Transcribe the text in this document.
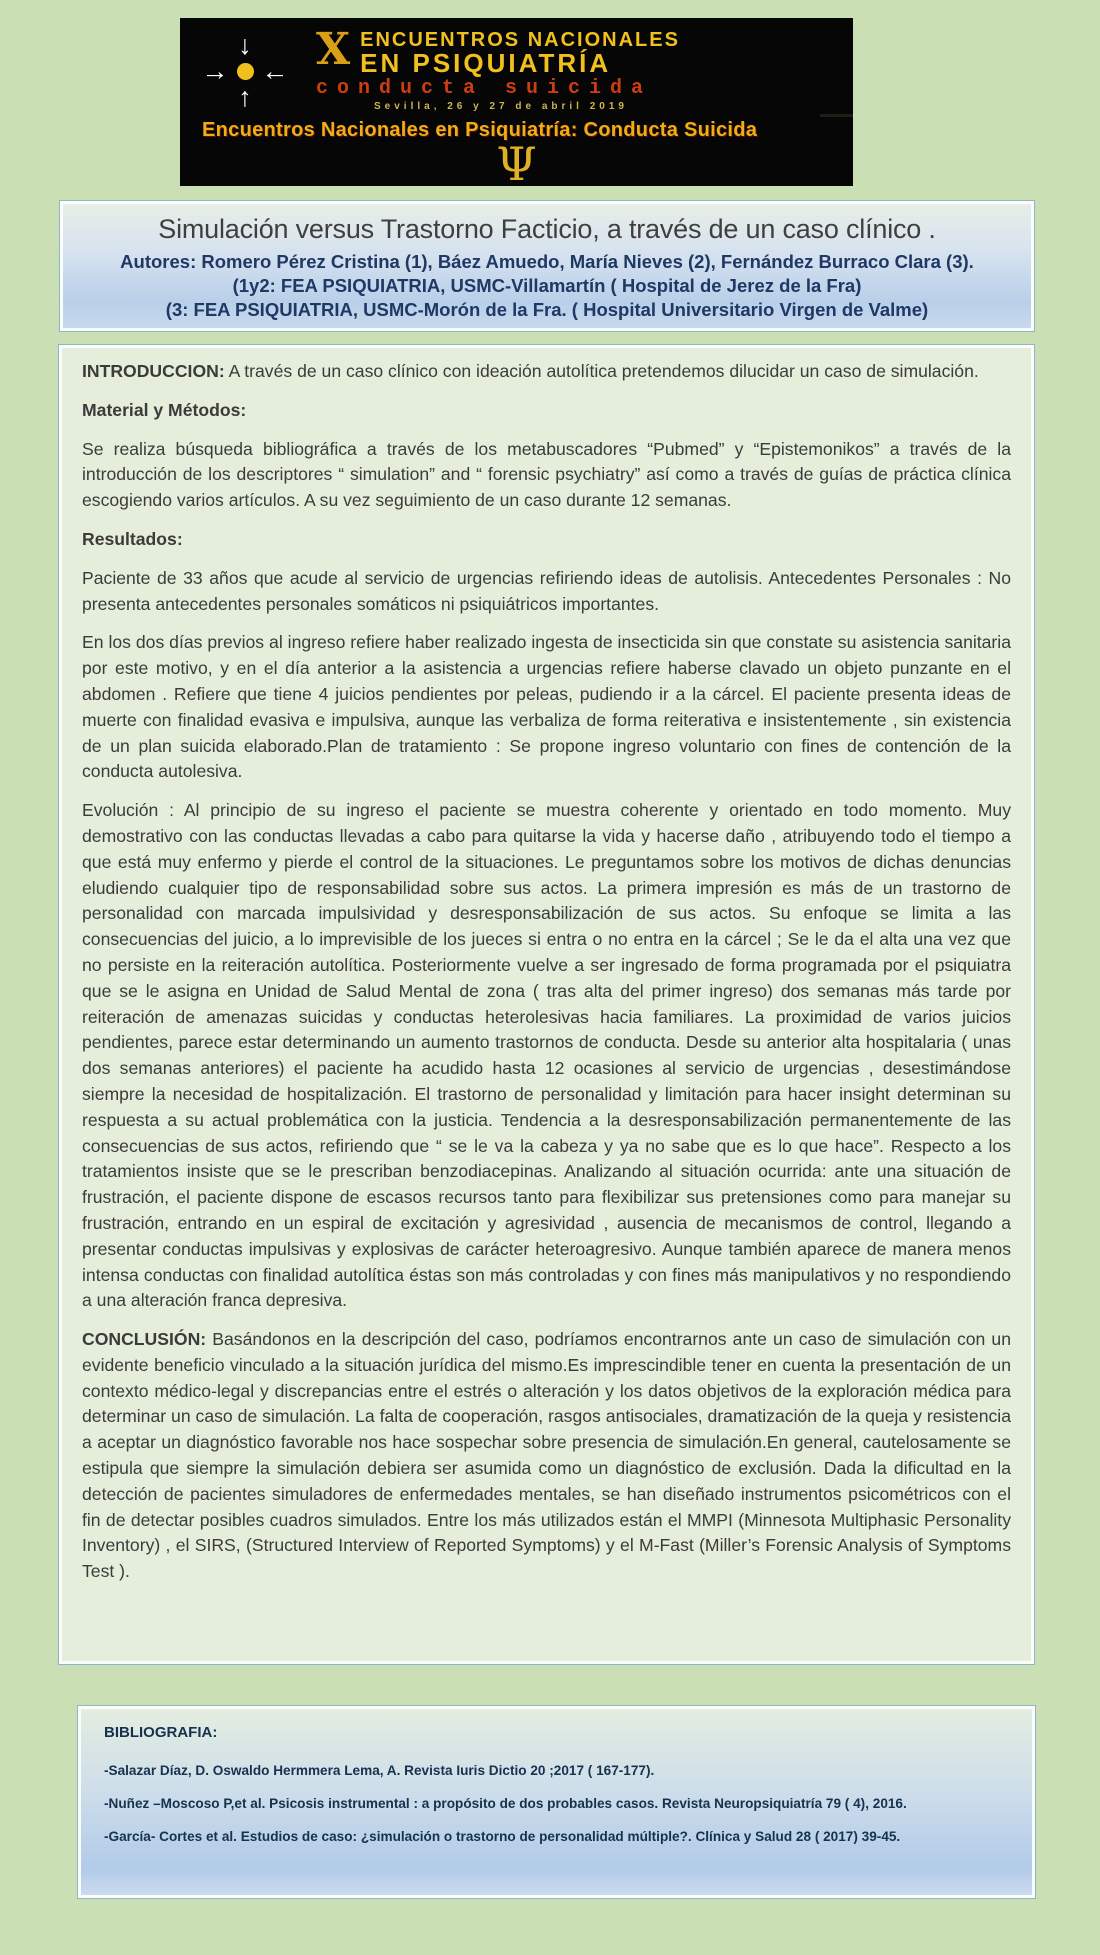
↓
→ ←
↑
X ENCUENTROS NACIONALES
EN PSIQUIATRÍA
conducta suicida
Sevilla, 26 y 27 de abril 2019
Encuentros Nacionales en Psiquiatría: Conducta Suicida
Ψ
Simulación versus Trastorno Facticio, a través de un caso clínico .
Autores: Romero Pérez Cristina (1), Báez Amuedo, María Nieves (2), Fernández Burraco Clara (3).
(1y2: FEA PSIQUIATRIA, USMC-Villamartín ( Hospital de Jerez de la Fra)
(3: FEA PSIQUIATRIA, USMC-Morón de la Fra. ( Hospital Universitario Virgen de Valme)

INTRODUCCION: A través de un caso clínico con ideación autolítica pretendemos dilucidar un caso de simulación.

Material y Métodos:

Se realiza búsqueda bibliográfica a través de los metabuscadores “Pubmed” y “Epistemonikos” a través de la introducción de los descriptores “ simulation” and “ forensic psychiatry” así como a través de guías de práctica clínica escogiendo varios artículos. A su vez seguimiento de un caso durante 12 semanas.

Resultados:

Paciente de 33 años que acude al servicio de urgencias refiriendo ideas de autolisis. Antecedentes Personales : No presenta antecedentes personales somáticos ni psiquiátricos importantes.

En los dos días previos al ingreso refiere haber realizado ingesta de insecticida sin que constate su asistencia sanitaria por este motivo, y en el día anterior a la asistencia a urgencias refiere haberse clavado un objeto punzante en el abdomen . Refiere que tiene 4 juicios pendientes por peleas, pudiendo ir a la cárcel. El paciente presenta ideas de muerte con finalidad evasiva e impulsiva, aunque las verbaliza de forma reiterativa e insistentemente , sin existencia de un plan suicida elaborado.Plan de tratamiento : Se propone ingreso voluntario con fines de contención de la conducta autolesiva.

Evolución : Al principio de su ingreso el paciente se muestra coherente y orientado en todo momento. Muy demostrativo con las conductas llevadas a cabo para quitarse la vida y hacerse daño , atribuyendo todo el tiempo a que está muy enfermo y pierde el control de la situaciones. Le preguntamos sobre los motivos de dichas denuncias eludiendo cualquier tipo de responsabilidad sobre sus actos. La primera impresión es más de un trastorno de personalidad con marcada impulsividad y desresponsabilización de sus actos. Su enfoque se limita a las consecuencias del juicio, a lo imprevisible de los jueces si entra o no entra en la cárcel ; Se le da el alta una vez que no persiste en la reiteración autolítica. Posteriormente vuelve a ser ingresado de forma programada por el psiquiatra que se le asigna en Unidad de Salud Mental de zona ( tras alta del primer ingreso) dos semanas más tarde por reiteración de amenazas suicidas y conductas heterolesivas hacia familiares. La proximidad de varios juicios pendientes, parece estar determinando un aumento trastornos de conducta. Desde su anterior alta hospitalaria ( unas dos semanas anteriores) el paciente ha acudido hasta 12 ocasiones al servicio de urgencias , desestimándose siempre la necesidad de hospitalización. El trastorno de personalidad y limitación para hacer insight determinan su respuesta a su actual problemática con la justicia. Tendencia a la desresponsabilización permanentemente de las consecuencias de sus actos, refiriendo que “ se le va la cabeza y ya no sabe que es lo que hace”. Respecto a los tratamientos insiste que se le prescriban benzodiacepinas. Analizando al situación ocurrida: ante una situación de frustración, el paciente dispone de escasos recursos tanto para flexibilizar sus pretensiones como para manejar su frustración, entrando en un espiral de excitación y agresividad , ausencia de mecanismos de control, llegando a presentar conductas impulsivas y explosivas de carácter heteroagresivo. Aunque también aparece de manera menos intensa conductas con finalidad autolítica éstas son más controladas y con fines más manipulativos y no respondiendo a una alteración franca depresiva.

CONCLUSIÓN: Basándonos en la descripción del caso, podríamos encontrarnos ante un caso de simulación con un evidente beneficio vinculado a la situación jurídica del mismo.Es imprescindible tener en cuenta la presentación de un contexto médico-legal y discrepancias entre el estrés o alteración y los datos objetivos de la exploración médica para determinar un caso de simulación. La falta de cooperación, rasgos antisociales, dramatización de la queja y resistencia a aceptar un diagnóstico favorable nos hace sospechar sobre presencia de simulación.En general, cautelosamente se estipula que siempre la simulación debiera ser asumida como un diagnóstico de exclusión. Dada la dificultad en la detección de pacientes simuladores de enfermedades mentales, se han diseñado instrumentos psicométricos con el fin de detectar posibles cuadros simulados. Entre los más utilizados están el MMPI (Minnesota Multiphasic Personality Inventory) , el SIRS, (Structured Interview of Reported Symptoms) y el M-Fast (Miller’s Forensic Analysis of Symptoms Test ).

BIBLIOGRAFIA:
-Salazar Díaz, D. Oswaldo Hermmera Lema, A. Revista Iuris Dictio 20 ;2017 ( 167-177).
-Nuñez –Moscoso P,et al. Psicosis instrumental : a propósito de dos probables casos. Revista Neuropsiquiatría 79 ( 4), 2016.
-García- Cortes et al. Estudios de caso: ¿simulación o trastorno de personalidad múltiple?. Clínica y Salud 28 ( 2017) 39-45.
